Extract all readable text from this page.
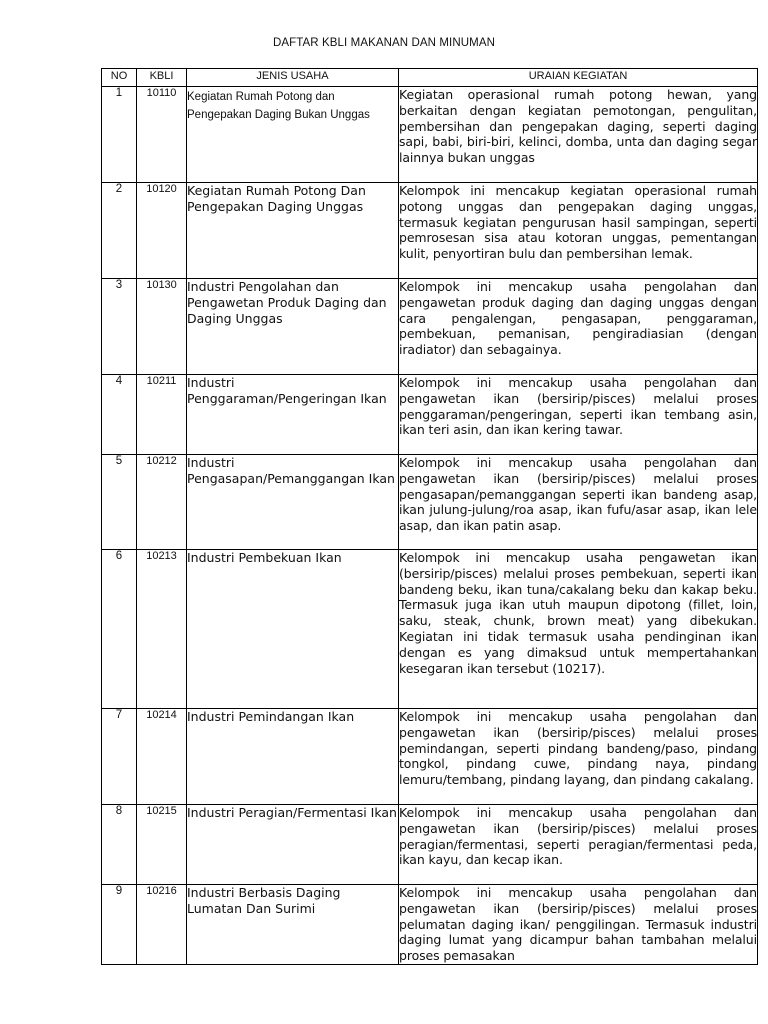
DAFTAR KBLI MAKANAN DAN MINUMAN
NO	KBLI	JENIS USAHA	URAIAN KEGIATAN
1	10110	Kegiatan Rumah Potong dan Pengepakan Daging Bukan Unggas	Kegiatan operasional rumah potong hewan, yang berkaitan dengan kegiatan pemotongan, pengulitan, pembersihan dan pengepakan daging, seperti daging sapi, babi, biri-biri, kelinci, domba, unta dan daging segar lainnya bukan unggas
2	10120	Kegiatan Rumah Potong Dan Pengepakan Daging Unggas	Kelompok ini mencakup kegiatan operasional rumah potong unggas dan pengepakan daging unggas, termasuk kegiatan pengurusan hasil sampingan, seperti pemrosesan sisa atau kotoran unggas, pementangan kulit, penyortiran bulu dan pembersihan lemak.
3	10130	Industri Pengolahan dan Pengawetan Produk Daging dan Daging Unggas	Kelompok ini mencakup usaha pengolahan dan pengawetan produk daging dan daging unggas dengan cara pengalengan, pengasapan, penggaraman, pembekuan, pemanisan, pengiradiasian (dengan iradiator) dan sebagainya.
4	10211	Industri Penggaraman/Pengeringan Ikan	Kelompok ini mencakup usaha pengolahan dan pengawetan ikan (bersirip/pisces) melalui proses penggaraman/pengeringan, seperti ikan tembang asin, ikan teri asin, dan ikan kering tawar.
5	10212	Industri Pengasapan/Pemanggangan Ikan	Kelompok ini mencakup usaha pengolahan dan pengawetan ikan (bersirip/pisces) melalui proses pengasapan/pemanggangan seperti ikan bandeng asap, ikan julung-julung/roa asap, ikan fufu/asar asap, ikan lele asap, dan ikan patin asap.
6	10213	Industri Pembekuan Ikan	Kelompok ini mencakup usaha pengawetan ikan (bersirip/pisces) melalui proses pembekuan, seperti ikan bandeng beku, ikan tuna/cakalang beku dan kakap beku. Termasuk juga ikan utuh maupun dipotong (fillet, loin, saku, steak, chunk, brown meat) yang dibekukan. Kegiatan ini tidak termasuk usaha pendinginan ikan dengan es yang dimaksud untuk mempertahankan kesegaran ikan tersebut (10217).
7	10214	Industri Pemindangan Ikan	Kelompok ini mencakup usaha pengolahan dan pengawetan ikan (bersirip/pisces) melalui proses pemindangan, seperti pindang bandeng/paso, pindang tongkol, pindang cuwe, pindang naya, pindang lemuru/tembang, pindang layang, dan pindang cakalang.
8	10215	Industri Peragian/Fermentasi Ikan	Kelompok ini mencakup usaha pengolahan dan pengawetan ikan (bersirip/pisces) melalui proses peragian/fermentasi, seperti peragian/fermentasi peda, ikan kayu, dan kecap ikan.
9	10216	Industri Berbasis Daging Lumatan Dan Surimi	Kelompok ini mencakup usaha pengolahan dan pengawetan ikan (bersirip/pisces) melalui proses pelumatan daging ikan/ penggilingan. Termasuk industri daging lumat yang dicampur bahan tambahan melalui proses pemasakan
